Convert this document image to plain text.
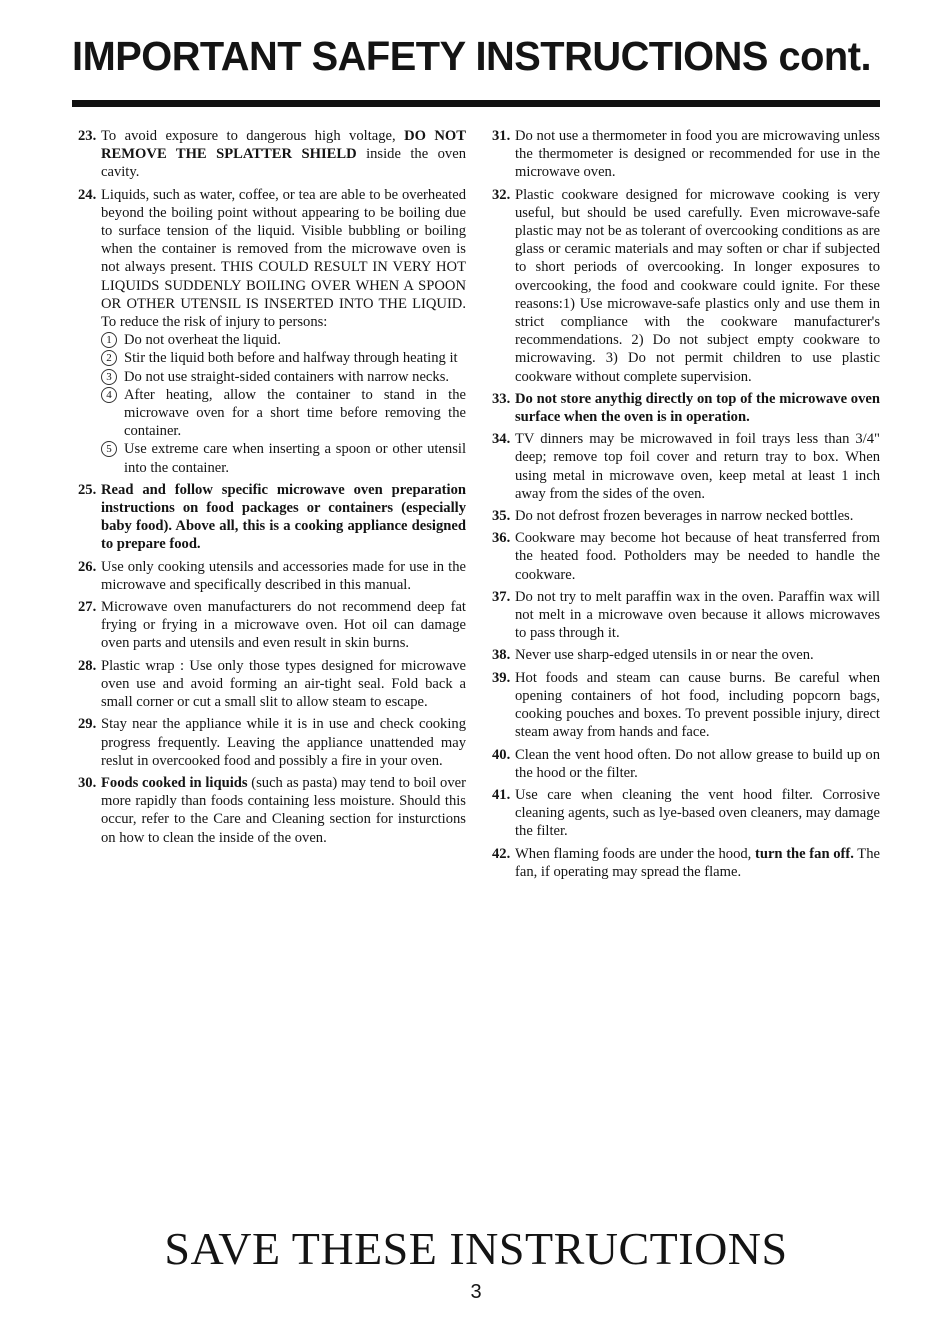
IMPORTANT SAFETY INSTRUCTIONS cont.
23. To avoid exposure to dangerous high voltage, DO NOT REMOVE THE SPLATTER SHIELD inside the oven cavity.
24. Liquids, such as water, coffee, or tea are able to be overheated beyond the boiling point without appearing to be boiling due to surface tension of the liquid. Visible bubbling or boiling when the container is removed from the microwave oven is not always present. THIS COULD RESULT IN VERY HOT LIQUIDS SUDDENLY BOILING OVER WHEN A SPOON OR OTHER UTENSIL IS INSERTED INTO THE LIQUID. To reduce the risk of injury to persons:
1 Do not overheat the liquid.
2 Stir the liquid both before and halfway through heating it
3 Do not use straight-sided containers with narrow necks.
4 After heating, allow the container to stand in the microwave oven for a short time before removing the container.
5 Use extreme care when inserting a spoon or other utensil into the container.
25. Read and follow specific microwave oven preparation instructions on food packages or containers (especially baby food). Above all, this is a cooking appliance designed to prepare food.
26. Use only cooking utensils and accessories made for use in the microwave and specifically described in this manual.
27. Microwave oven manufacturers do not recommend deep fat frying or frying in a microwave oven. Hot oil can damage oven parts and utensils and even result in skin burns.
28. Plastic wrap : Use only those types designed for microwave oven use and avoid forming an air-tight seal. Fold back a small corner or cut a small slit to allow steam to escape.
29. Stay near the appliance while it is in use and check cooking progress frequently. Leaving the appliance unattended may reslut in overcooked food and possibly a fire in your oven.
30. Foods cooked in liquids (such as pasta) may tend to boil over more rapidly than foods containing less moisture. Should this occur, refer to the Care and Cleaning section for insturctions on how to clean the inside of the oven.
31. Do not use a thermometer in food you are microwaving unless the thermometer is designed or recommended for use in the microwave oven.
32. Plastic cookware designed for microwave cooking is very useful, but should be used carefully. Even microwave-safe plastic may not be as tolerant of overcooking conditions as are glass or ceramic materials and may soften or char if subjected to short periods of overcooking. In longer exposures to overcooking, the food and cookware could ignite. For these reasons:1) Use microwave-safe plastics only and use them in strict compliance with the cookware manufacturer's recommendations. 2) Do not subject empty cookware to microwaving. 3) Do not permit children to use plastic cookware without complete supervision.
33. Do not store anythig directly on top of the microwave oven surface when the oven is in operation.
34. TV dinners may be microwaved in foil trays less than 3/4" deep; remove top foil cover and return tray to box. When using metal in microwave oven, keep metal at least 1 inch away from the sides of the oven.
35. Do not defrost frozen beverages in narrow necked bottles.
36. Cookware may become hot because of heat transferred from the heated food. Potholders may be needed to handle the cookware.
37. Do not try to melt paraffin wax in the oven. Paraffin wax will not melt in a microwave oven because it allows microwaves to pass through it.
38. Never use sharp-edged utensils in or near the oven.
39. Hot foods and steam can cause burns. Be careful when opening containers of hot food, including popcorn bags, cooking pouches and boxes. To prevent possible injury, direct steam away from hands and face.
40. Clean the vent hood often. Do not allow grease to build up on the hood or the filter.
41. Use care when cleaning the vent hood filter. Corrosive cleaning agents, such as lye-based oven cleaners, may damage the filter.
42. When flaming foods are under the hood, turn the fan off. The fan, if operating may spread the flame.
SAVE THESE INSTRUCTIONS
3
